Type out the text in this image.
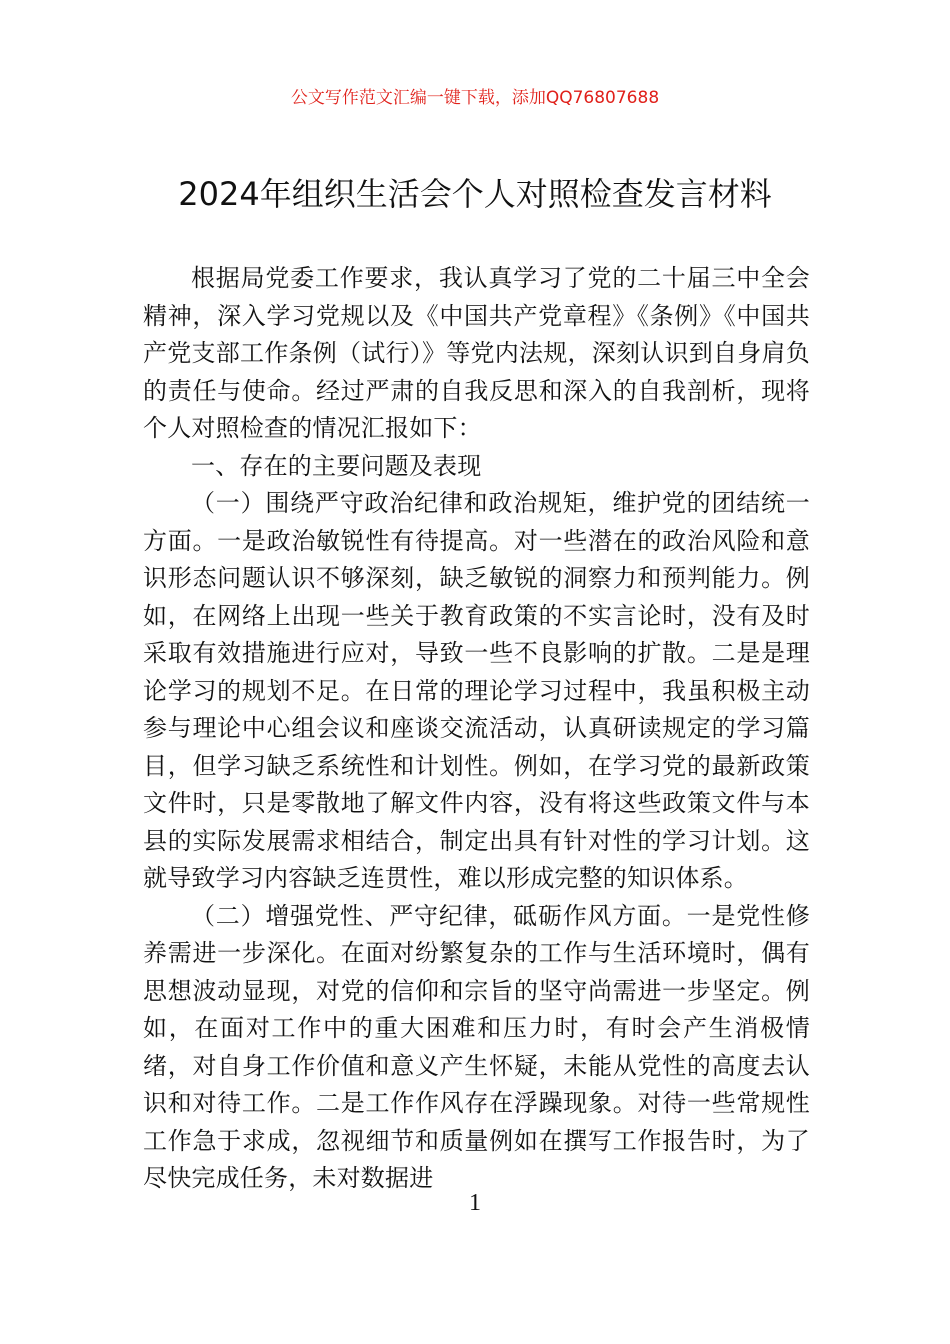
公文写作范文汇编一键下载，添加QQ76807688
2024年组织生活会个人对照检查发言材料

根据局党委工作要求，我认真学习了党的二十届三中全会精神，深入学习党规以及《中国共产党章程》《条例》《中国共产党支部工作条例（试行）》等党内法规，深刻认识到自身肩负的责任与使命。经过严肃的自我反思和深入的自我剖析，现将个人对照检查的情况汇报如下：

一、存在的主要问题及表现

（一）围绕严守政治纪律和政治规矩，维护党的团结统一方面。一是政治敏锐性有待提高。对一些潜在的政治风险和意识形态问题认识不够深刻，缺乏敏锐的洞察力和预判能力。例如，在网络上出现一些关于教育政策的不实言论时，没有及时采取有效措施进行应对，导致一些不良影响的扩散。二是是理论学习的规划不足。在日常的理论学习过程中，我虽积极主动参与理论中心组会议和座谈交流活动，认真研读规定的学习篇目，但学习缺乏系统性和计划性。例如，在学习党的最新政策文件时，只是零散地了解文件内容，没有将这些政策文件与本县的实际发展需求相结合，制定出具有针对性的学习计划。这就导致学习内容缺乏连贯性，难以形成完整的知识体系。

（二）增强党性、严守纪律，砥砺作风方面。一是党性修养需进一步深化。在面对纷繁复杂的工作与生活环境时，偶有思想波动显现，对党的信仰和宗旨的坚守尚需进一步坚定。例如，在面对工作中的重大困难和压力时，有时会产生消极情绪，对自身工作价值和意义产生怀疑，未能从党性的高度去认识和对待工作。二是工作作风存在浮躁现象。对待一些常规性工作急于求成，忽视细节和质量例如在撰写工作报告时，为了尽快完成任务，未对数据进

1
